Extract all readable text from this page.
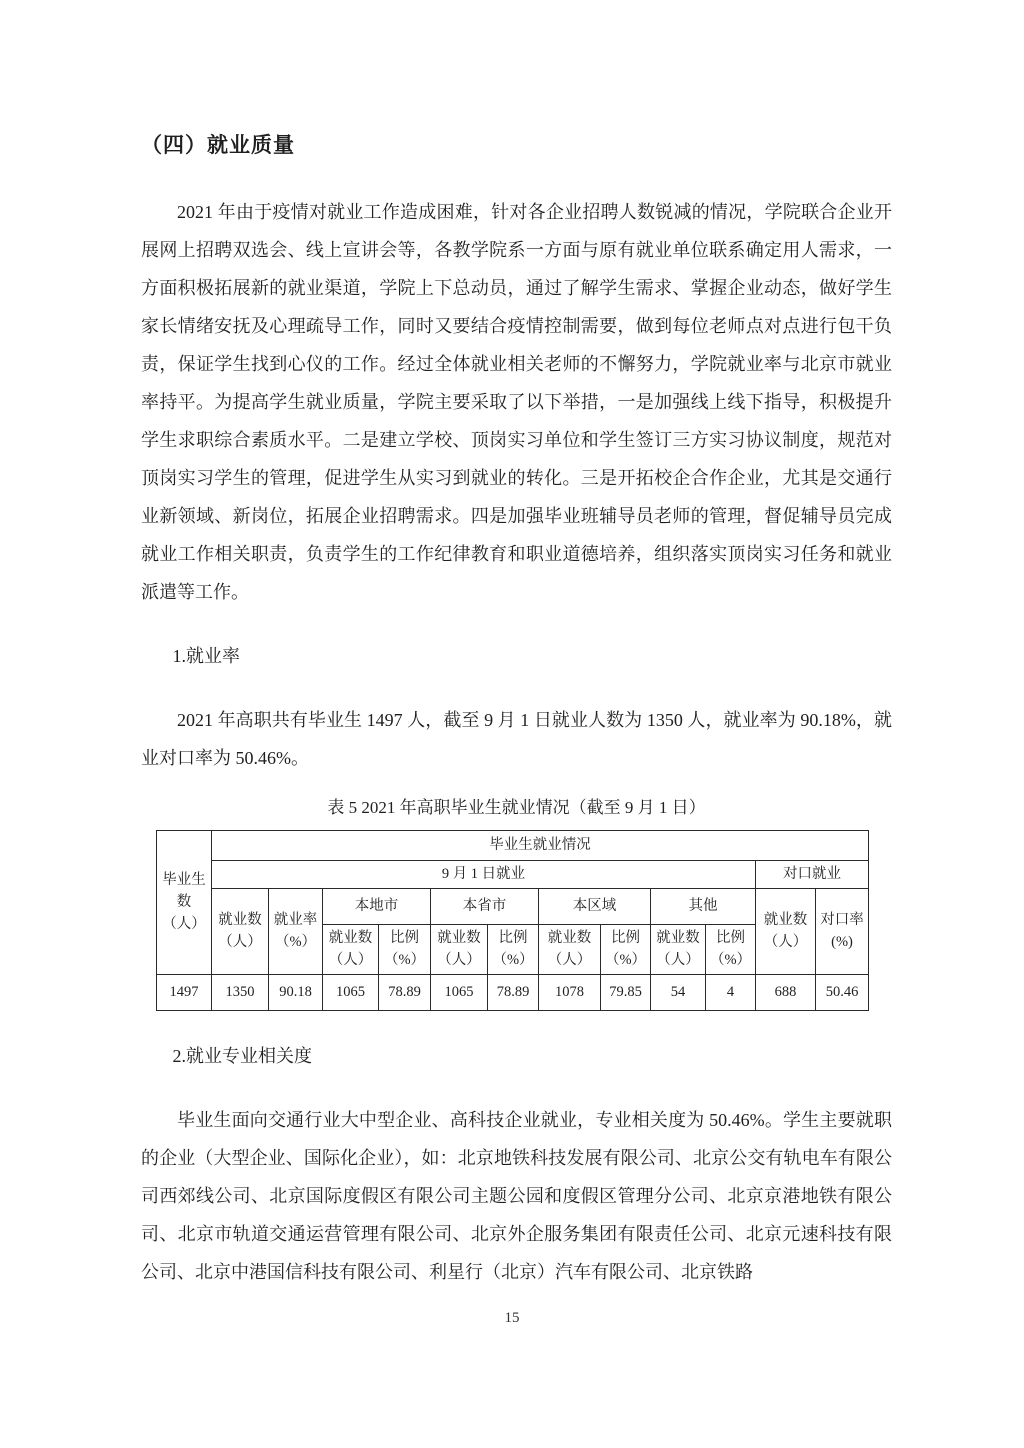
（四）就业质量

2021 年由于疫情对就业工作造成困难，针对各企业招聘人数锐减的情况，学院联合企业开展网上招聘双选会、线上宣讲会等，各教学院系一方面与原有就业单位联系确定用人需求，一方面积极拓展新的就业渠道，学院上下总动员，通过了解学生需求、掌握企业动态，做好学生家长情绪安抚及心理疏导工作，同时又要结合疫情控制需要，做到每位老师点对点进行包干负责，保证学生找到心仪的工作。经过全体就业相关老师的不懈努力，学院就业率与北京市就业率持平。为提高学生就业质量，学院主要采取了以下举措，一是加强线上线下指导，积极提升学生求职综合素质水平。二是建立学校、顶岗实习单位和学生签订三方实习协议制度，规范对顶岗实习学生的管理，促进学生从实习到就业的转化。三是开拓校企合作企业，尤其是交通行业新领域、新岗位，拓展企业招聘需求。四是加强毕业班辅导员老师的管理，督促辅导员完成就业工作相关职责，负责学生的工作纪律教育和职业道德培养，组织落实顶岗实习任务和就业派遣等工作。

1.就业率

2021 年高职共有毕业生 1497 人，截至 9 月 1 日就业人数为 1350 人，就业率为 90.18%，就业对口率为 50.46%。

表 5 2021 年高职毕业生就业情况（截至 9 月 1 日）
毕业生数（人）	毕业生就业情况											
	9 月 1 日就业										对口就业	
	就业数（人）	就业率（%）	本地市		本省市		本区域		其他		就业数（人）	对口率(%)
			就业数（人）	比例（%）	就业数（人）	比例（%）	就业数（人）	比例（%）	就业数（人）	比例（%）		
1497	1350	90.18	1065	78.89	1065	78.89	1078	79.85	54	4	688	50.46
2.就业专业相关度

毕业生面向交通行业大中型企业、高科技企业就业，专业相关度为 50.46%。学生主要就职的企业（大型企业、国际化企业），如：北京地铁科技发展有限公司、北京公交有轨电车有限公司西郊线公司、北京国际度假区有限公司主题公园和度假区管理分公司、北京京港地铁有限公司、北京市轨道交通运营管理有限公司、北京外企服务集团有限责任公司、北京元速科技有限公司、北京中港国信科技有限公司、利星行（北京）汽车有限公司、北京铁路

15
